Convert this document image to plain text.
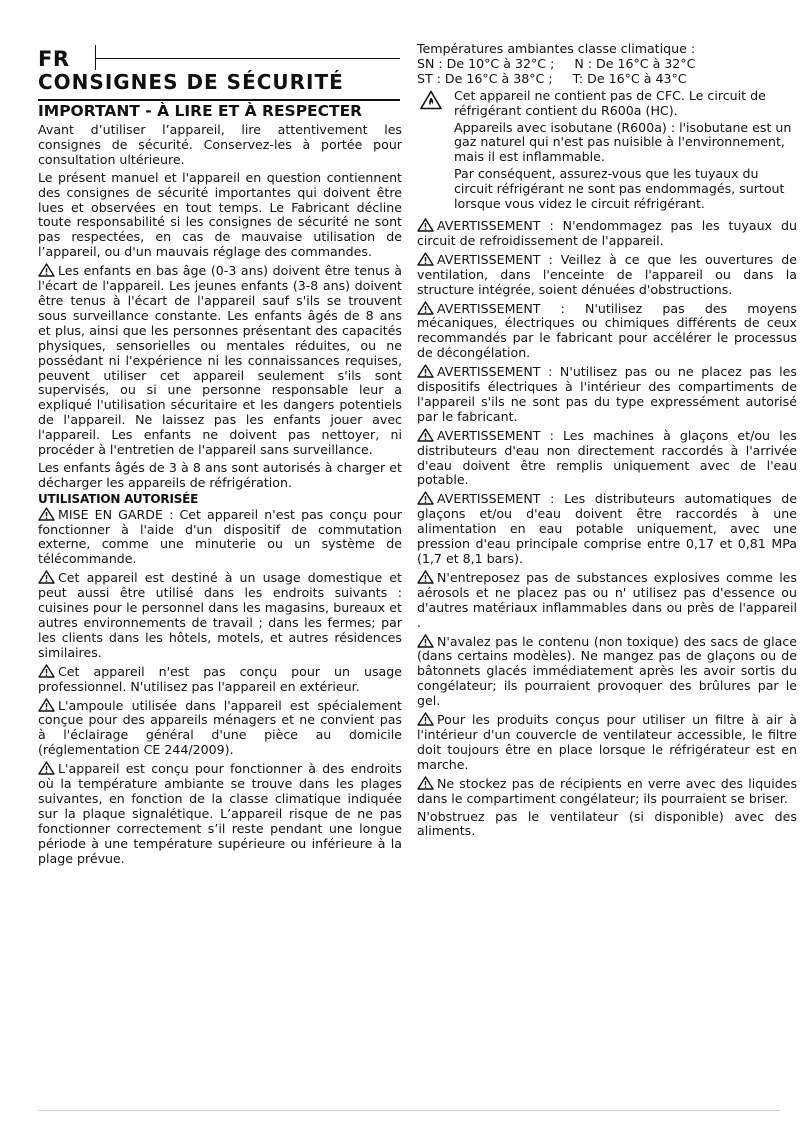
FR
CONSIGNES DE SÉCURITÉ
IMPORTANT - À LIRE ET À RESPECTER

Avant d’utiliser l’appareil, lire attentivement les consignes de sécurité. Conservez-les à portée pour consultation ultérieure.

Le présent manuel et l'appareil en question contiennent des consignes de sécurité importantes qui doivent être lues et observées en tout temps. Le Fabricant décline toute responsabilité si les consignes de sécurité ne sont pas respectées, en cas de mauvaise utilisation de l’appareil, ou d'un mauvais réglage des commandes.

Les enfants en bas âge (0-3 ans) doivent être tenus à l'écart de l'appareil. Les jeunes enfants (3-8 ans) doivent être tenus à l'écart de l'appareil sauf s'ils se trouvent sous surveillance constante. Les enfants âgés de 8 ans et plus, ainsi que les personnes présentant des capacités physiques, sensorielles ou mentales réduites, ou ne possédant ni l'expérience ni les connaissances requises, peuvent utiliser cet appareil seulement s'ils sont supervisés, ou si une personne responsable leur a expliqué l'utilisation sécuritaire et les dangers potentiels de l'appareil. Ne laissez pas les enfants jouer avec l'appareil. Les enfants ne doivent pas nettoyer, ni procéder à l'entretien de l'appareil sans surveillance.

Les enfants âgés de 3 à 8 ans sont autorisés à charger et décharger les appareils de réfrigération.

UTILISATION AUTORISÉE

MISE EN GARDE : Cet appareil n'est pas conçu pour fonctionner à l'aide d'un dispositif de commutation externe, comme une minuterie ou un système de télécommande.

Cet appareil est destiné à un usage domestique et peut aussi être utilisé dans les endroits suivants : cuisines pour le personnel dans les magasins, bureaux et autres environnements de travail ; dans les fermes; par les clients dans les hôtels, motels, et autres résidences similaires.

Cet appareil n'est pas conçu pour un usage professionnel. N'utilisez pas l'appareil en extérieur.

L'ampoule utilisée dans l'appareil est spécialement conçue pour des appareils ménagers et ne convient pas à l'éclairage général d'une pièce au domicile (réglementation CE 244/2009).

L'appareil est conçu pour fonctionner à des endroits où la température ambiante se trouve dans les plages suivantes, en fonction de la classe climatique indiquée sur la plaque signalétique. L’appareil risque de ne pas fonctionner correctement s’il reste pendant une longue période à une température supérieure ou inférieure à la plage prévue.

Températures ambiantes classe climatique :
SN : De 10°C à 32°C ;     N : De 16°C à 32°C
ST : De 16°C à 38°C ;     T: De 16°C à 43°C

Cet appareil ne contient pas de CFC. Le circuit de réfrigérant contient du R600a (HC).

Appareils avec isobutane (R600a) : l'isobutane est un gaz naturel qui n'est pas nuisible à l'environnement, mais il est inflammable.

Par conséquent, assurez-vous que les tuyaux du circuit réfrigérant ne sont pas endommagés, surtout lorsque vous videz le circuit réfrigérant.

AVERTISSEMENT : N'endommagez pas les tuyaux du circuit de refroidissement de l'appareil.

AVERTISSEMENT : Veillez à ce que les ouvertures de ventilation, dans l'enceinte de l'appareil ou dans la structure intégrée, soient dénuées d'obstructions.

AVERTISSEMENT : N'utilisez pas des moyens mécaniques, électriques ou chimiques différents de ceux recommandés par le fabricant pour accélérer le processus de décongélation.

AVERTISSEMENT : N'utilisez pas ou ne placez pas les dispositifs électriques à l'intérieur des compartiments de l'appareil s'ils ne sont pas du type expressément autorisé par le fabricant.

AVERTISSEMENT : Les machines à glaçons et/ou les distributeurs d'eau non directement raccordés à l'arrivée d'eau doivent être remplis uniquement avec de l'eau potable.

AVERTISSEMENT : Les distributeurs automatiques de glaçons et/ou d'eau doivent être raccordés à une alimentation en eau potable uniquement, avec une pression d'eau principale comprise entre 0,17 et 0,81 MPa (1,7 et 8,1 bars).

N'entreposez pas de substances explosives comme les aérosols et ne placez pas ou n' utilisez pas d'essence ou d'autres matériaux inflammables dans ou près de l'appareil .

N'avalez pas le contenu (non toxique) des sacs de glace (dans certains modèles). Ne mangez pas de glaçons ou de bâtonnets glacés immédiatement après les avoir sortis du congélateur; ils pourraient provoquer des brûlures par le gel.

Pour les produits conçus pour utiliser un filtre à air à l'intérieur d'un couvercle de ventilateur accessible, le filtre doit toujours être en place lorsque le réfrigérateur est en marche.

Ne stockez pas de récipients en verre avec des liquides dans le compartiment congélateur; ils pourraient se briser.

N'obstruez pas le ventilateur (si disponible) avec des aliments.
